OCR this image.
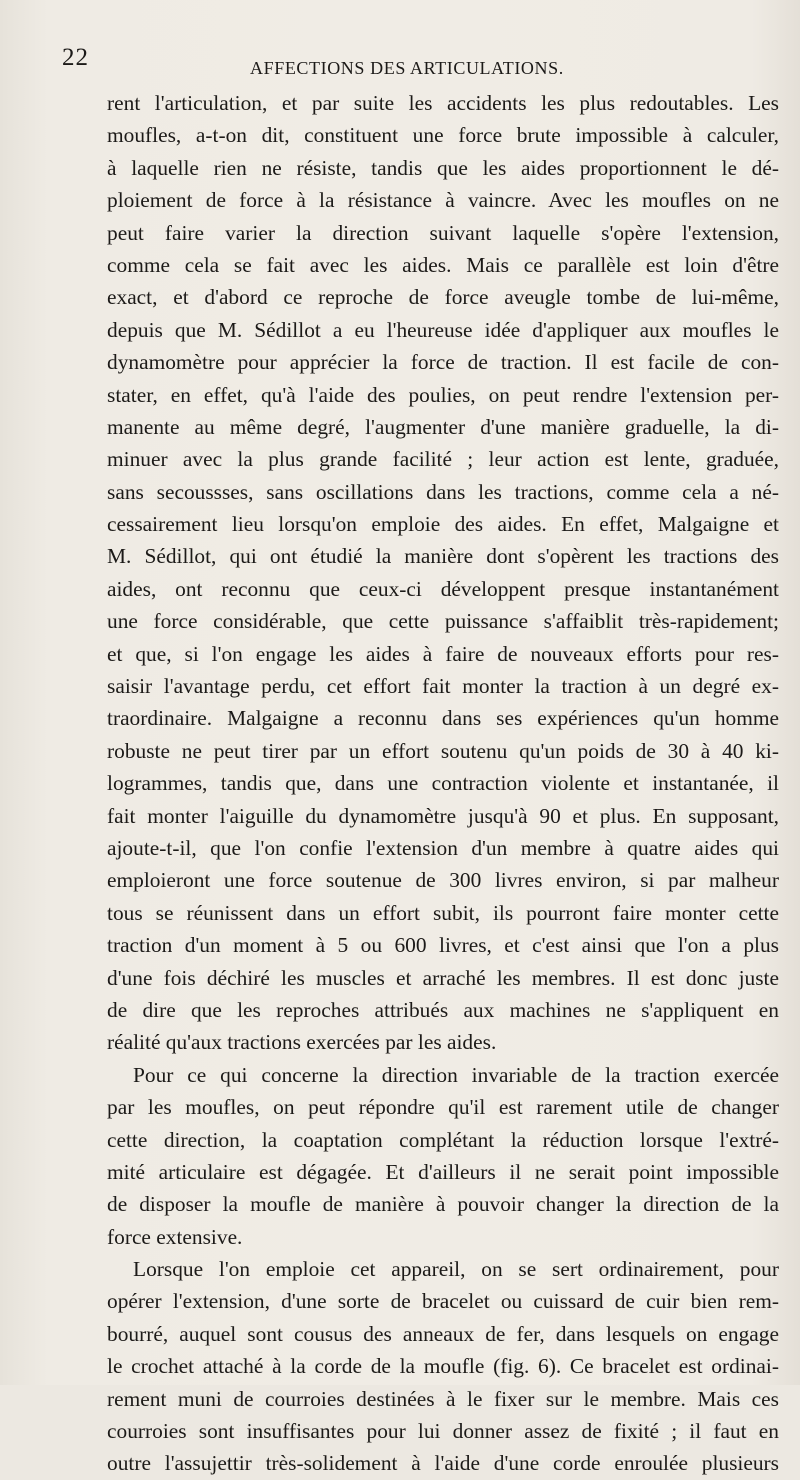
22	AFFECTIONS DES ARTICULATIONS.
rent l'articulation, et par suite les accidents les plus redoutables. Les
moufles, a-t-on dit, constituent une force brute impossible à calculer,
à laquelle rien ne résiste, tandis que les aides proportionnent le dé-
ploiement de force à la résistance à vaincre. Avec les moufles on ne
peut faire varier la direction suivant laquelle s'opère l'extension,
comme cela se fait avec les aides. Mais ce parallèle est loin d'être
exact, et d'abord ce reproche de force aveugle tombe de lui-même,
depuis que M. Sédillot a eu l'heureuse idée d'appliquer aux moufles le
dynamomètre pour apprécier la force de traction. Il est facile de con-
stater, en effet, qu'à l'aide des poulies, on peut rendre l'extension per-
manente au même degré, l'augmenter d'une manière graduelle, la di-
minuer avec la plus grande facilité ; leur action est lente, graduée,
sans secoussses, sans oscillations dans les tractions, comme cela a né-
cessairement lieu lorsqu'on emploie des aides. En effet, Malgaigne et
M. Sédillot, qui ont étudié la manière dont s'opèrent les tractions des
aides, ont reconnu que ceux-ci développent presque instantanément
une force considérable, que cette puissance s'affaiblit très-rapidement;
et que, si l'on engage les aides à faire de nouveaux efforts pour res-
saisir l'avantage perdu, cet effort fait monter la traction à un degré ex-
traordinaire. Malgaigne a reconnu dans ses expériences qu'un homme
robuste ne peut tirer par un effort soutenu qu'un poids de 30 à 40 ki-
logrammes, tandis que, dans une contraction violente et instantanée, il
fait monter l'aiguille du dynamomètre jusqu'à 90 et plus. En supposant,
ajoute-t-il, que l'on confie l'extension d'un membre à quatre aides qui
emploieront une force soutenue de 300 livres environ, si par malheur
tous se réunissent dans un effort subit, ils pourront faire monter cette
traction d'un moment à 5 ou 600 livres, et c'est ainsi que l'on a plus
d'une fois déchiré les muscles et arraché les membres. Il est donc juste
de dire que les reproches attribués aux machines ne s'appliquent en
réalité qu'aux tractions exercées par les aides.
Pour ce qui concerne la direction invariable de la traction exercée
par les moufles, on peut répondre qu'il est rarement utile de changer
cette direction, la coaptation complétant la réduction lorsque l'extré-
mité articulaire est dégagée. Et d'ailleurs il ne serait point impossible
de disposer la moufle de manière à pouvoir changer la direction de la
force extensive.
Lorsque l'on emploie cet appareil, on se sert ordinairement, pour
opérer l'extension, d'une sorte de bracelet ou cuissard de cuir bien rem-
bourré, auquel sont cousus des anneaux de fer, dans lesquels on engage
le crochet attaché à la corde de la moufle (fig. 6). Ce bracelet est ordinai-
rement muni de courroies destinées à le fixer sur le membre. Mais ces
courroies sont insuffisantes pour lui donner assez de fixité ; il faut en
outre l'assujettir très-solidement à l'aide d'une corde enroulée plusieurs
